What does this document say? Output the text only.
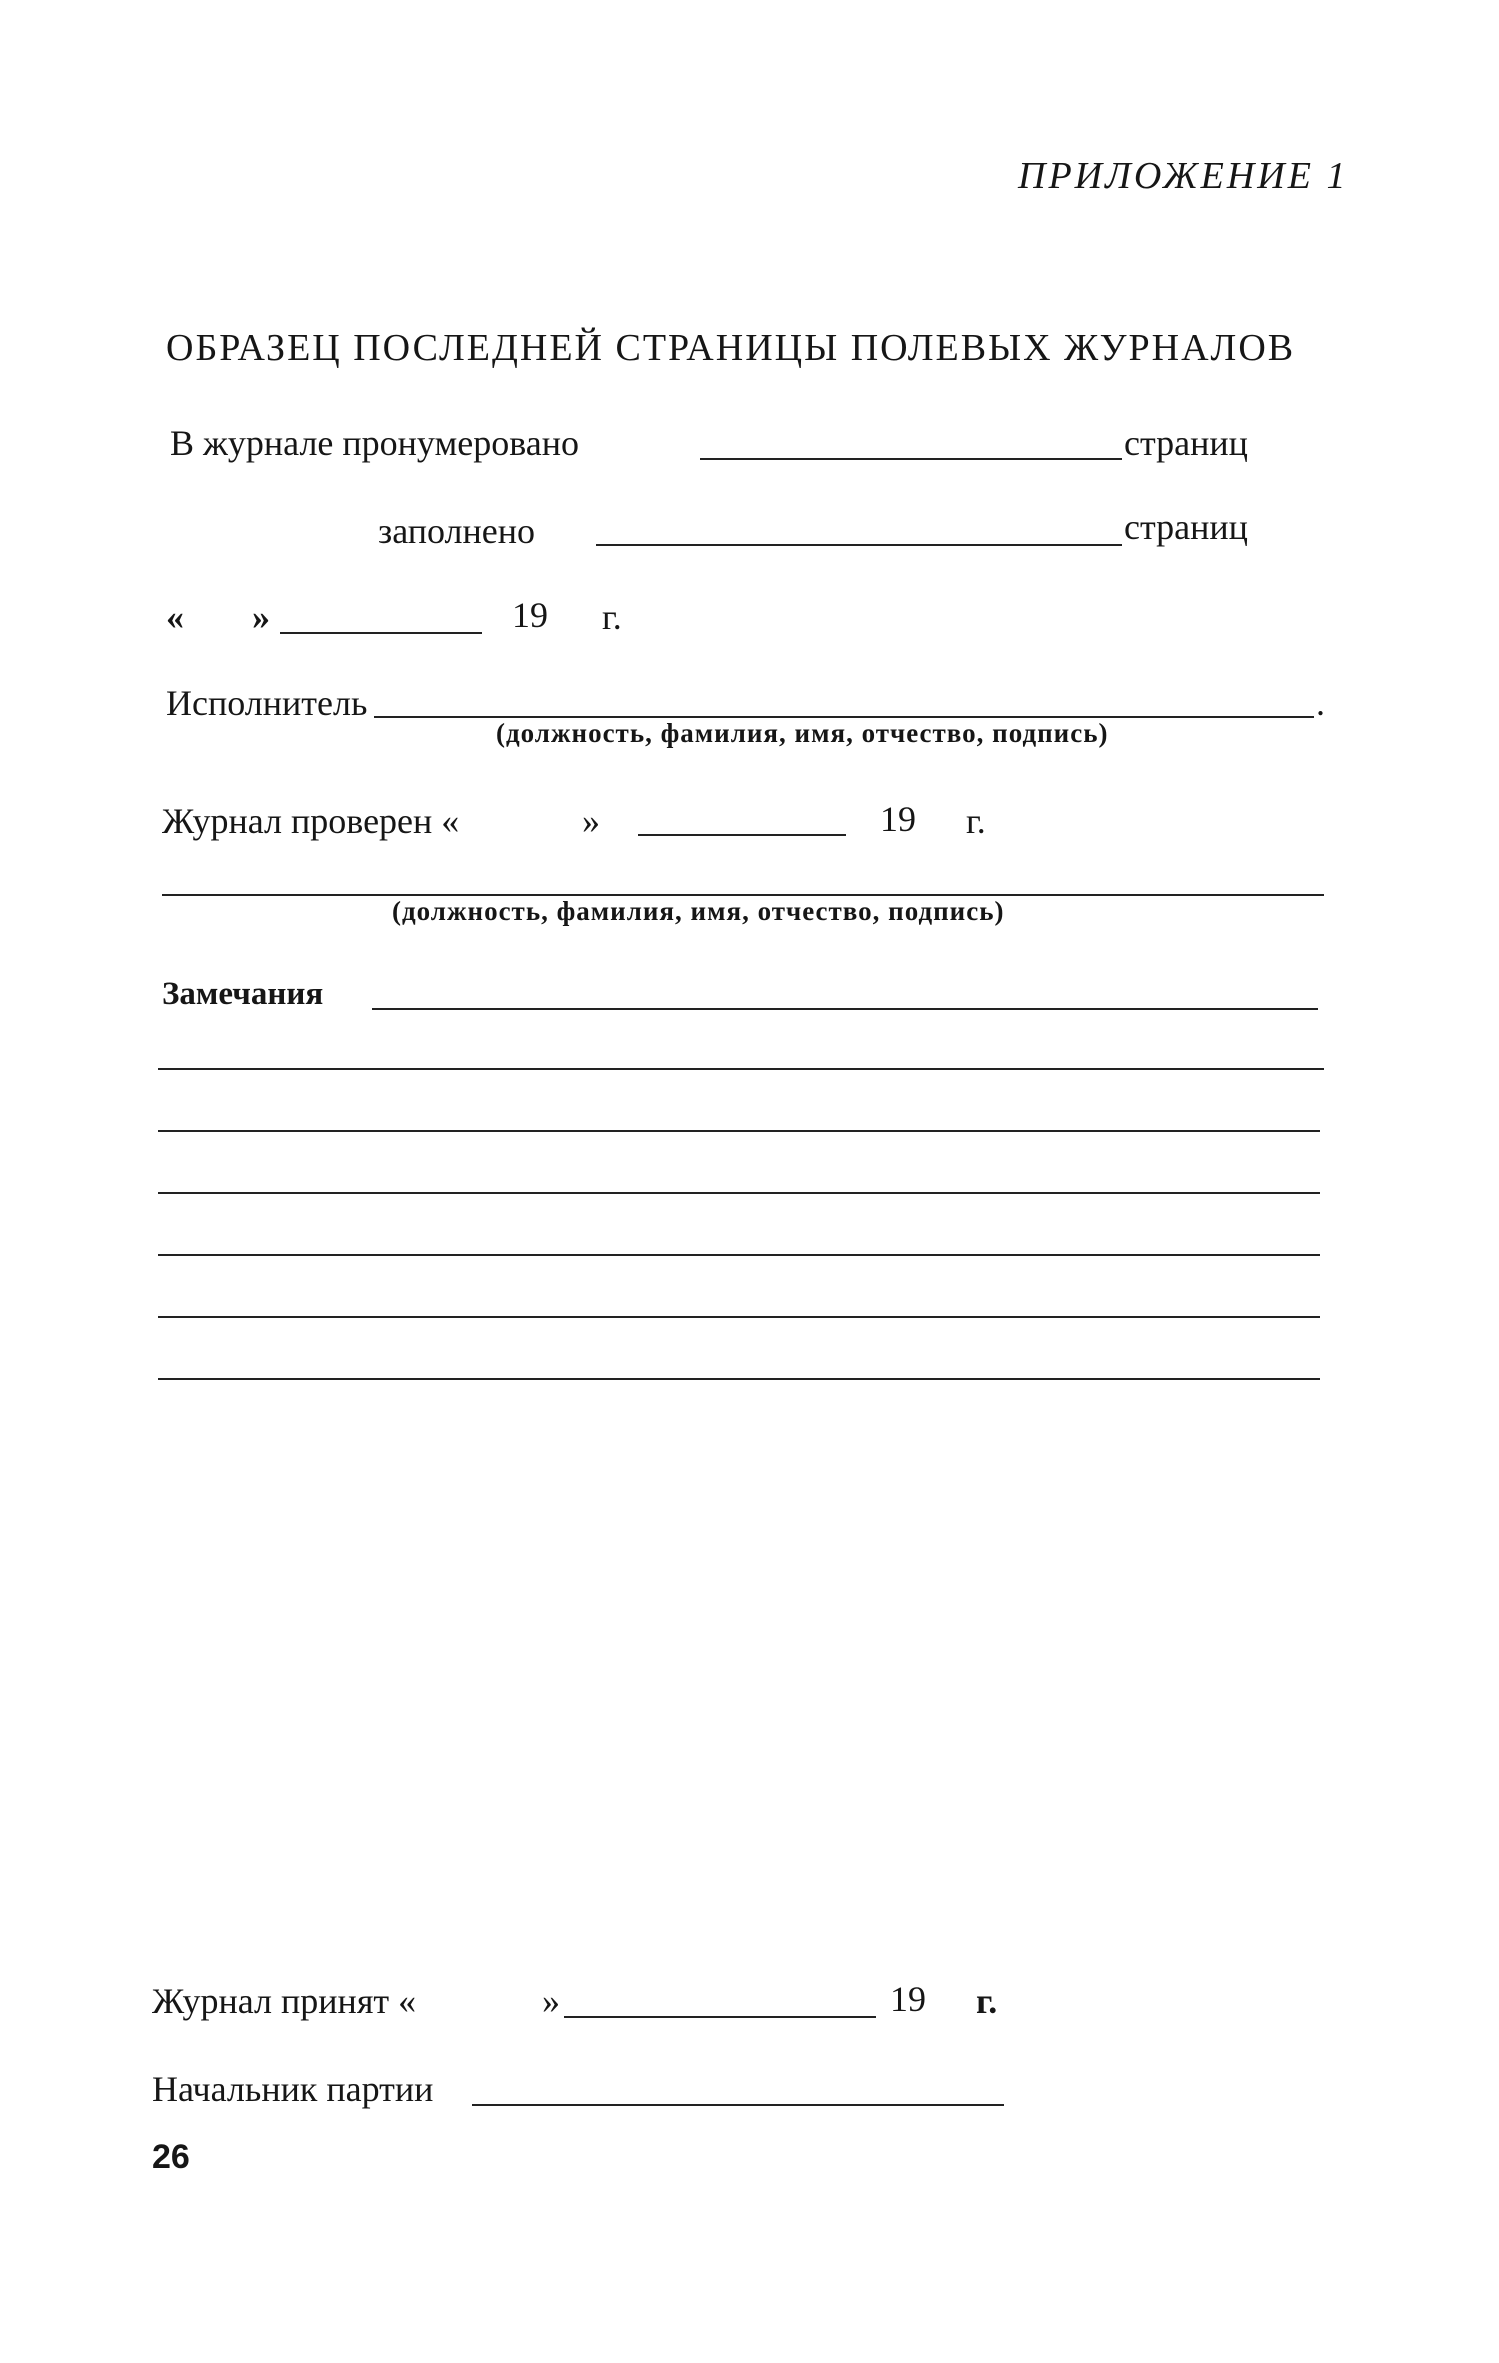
ПРИЛОЖЕНИЕ 1
ОБРАЗЕЦ ПОСЛЕДНЕЙ СТРАНИЦЫ ПОЛЕВЫХ ЖУРНАЛОВ
В журнале пронумеровано	страниц
заполнено	страниц
« »	19 г.
Исполнитель	.
(должность, фамилия, имя, отчество, подпись)
Журнал проверен «	»	19 г.
(должность, фамилия, имя, отчество, подпись)
Замечания
Журнал принят «	»	19 г.
Начальник партии
26
